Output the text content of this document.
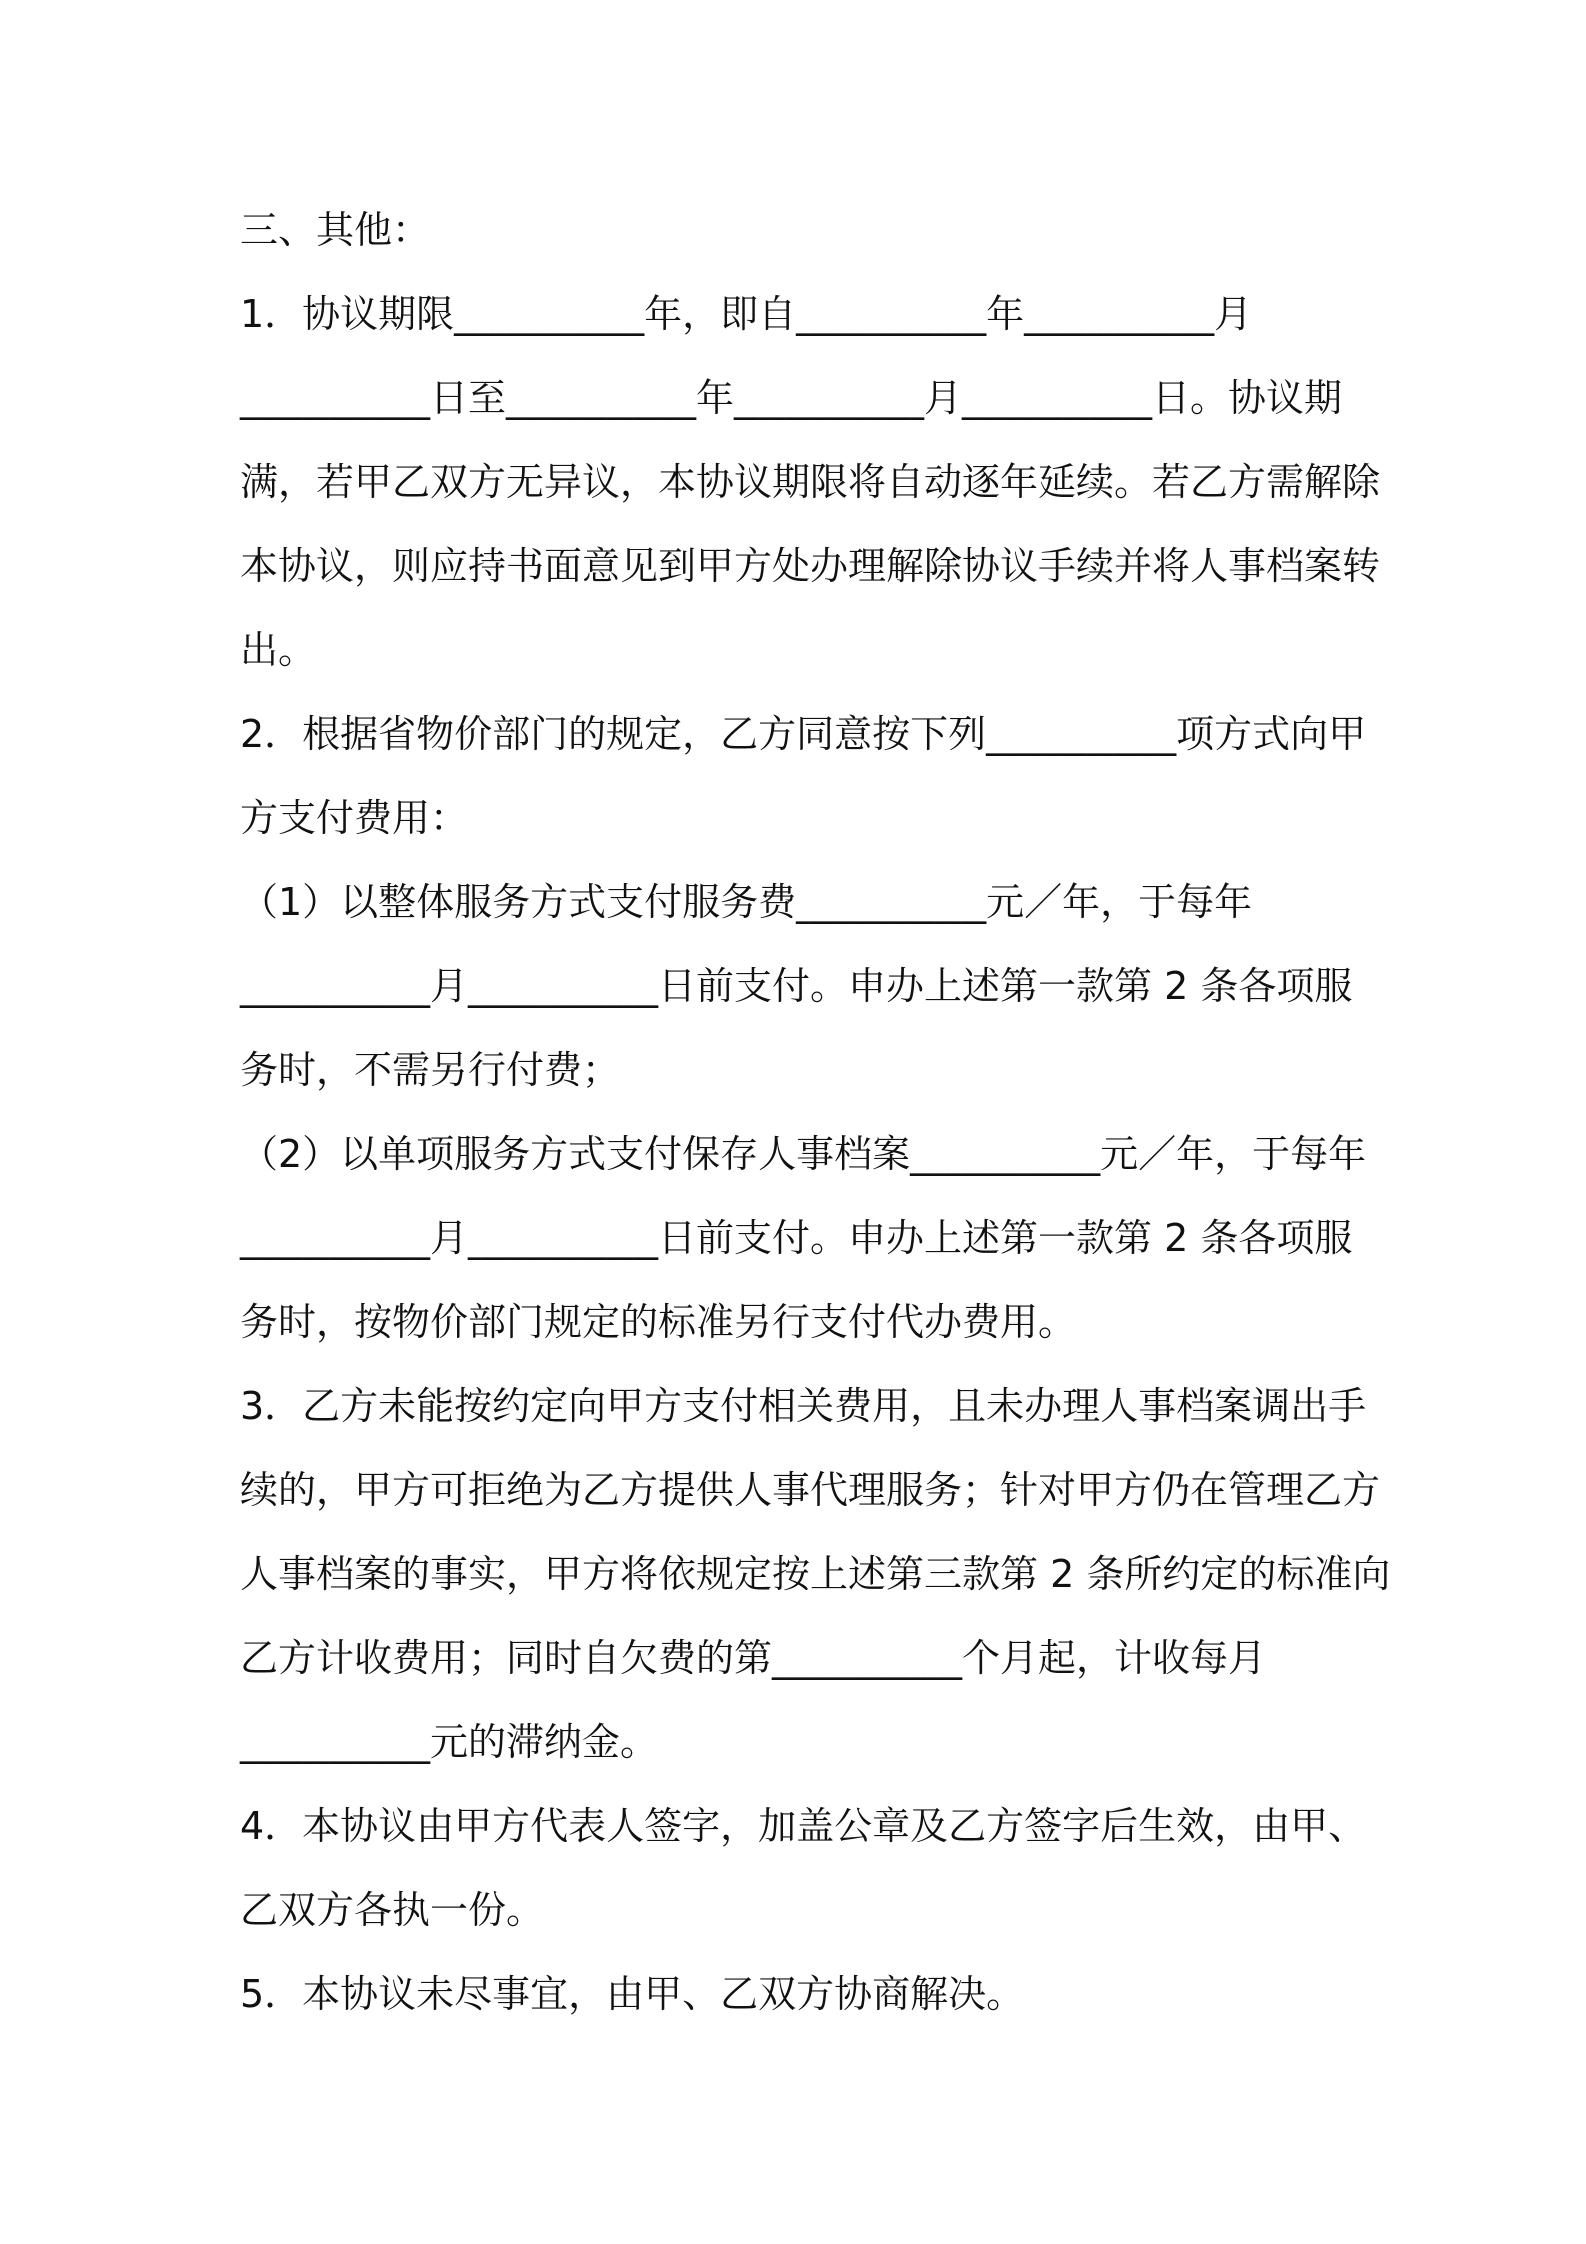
三、其他：
1．协议期限__________年，即自__________年__________月
__________日至__________年__________月__________日。协议期
满，若甲乙双方无异议，本协议期限将自动逐年延续。若乙方需解除
本协议，则应持书面意见到甲方处办理解除协议手续并将人事档案转
出。
2．根据省物价部门的规定，乙方同意按下列__________项方式向甲
方支付费用：
（1）以整体服务方式支付服务费__________元／年，于每年
__________月__________日前支付。申办上述第一款第 2 条各项服
务时，不需另行付费；
（2）以单项服务方式支付保存人事档案__________元／年，于每年
__________月__________日前支付。申办上述第一款第 2 条各项服
务时，按物价部门规定的标准另行支付代办费用。
3．乙方未能按约定向甲方支付相关费用，且未办理人事档案调出手
续的，甲方可拒绝为乙方提供人事代理服务；针对甲方仍在管理乙方
人事档案的事实，甲方将依规定按上述第三款第 2 条所约定的标准向
乙方计收费用；同时自欠费的第__________个月起，计收每月
__________元的滞纳金。
4．本协议由甲方代表人签字，加盖公章及乙方签字后生效，由甲、
乙双方各执一份。
5．本协议未尽事宜，由甲、乙双方协商解决。
